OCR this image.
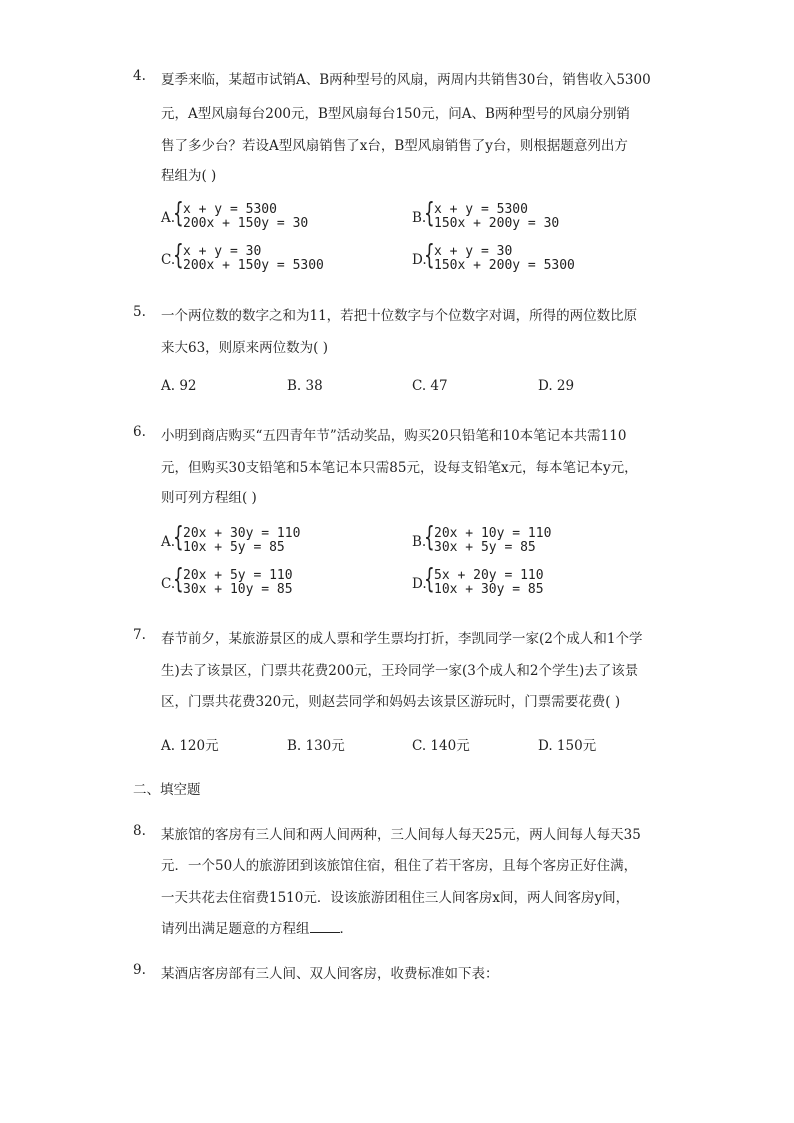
4. 夏季来临，某超市试销A、B两种型号的风扇，两周内共销售30台，销售收入5300
元，A型风扇每台200元，B型风扇每台150元，问A、B两种型号的风扇分别销
售了多少台？若设A型风扇销售了x台，B型风扇销售了y台，则根据题意列出方
程组为( )
A.
{ x + y = 5300
200x + 150y = 30	B.
{ x + y = 5300
150x + 200y = 30
C.
{ x + y = 30
200x + 150y = 5300	D.
{ x + y = 30
150x + 200y = 5300
5. 一个两位数的数字之和为11，若把十位数字与个位数字对调，所得的两位数比原
来大63，则原来两位数为( )
A. 92	B. 38	C. 47	D. 29
6. 小明到商店购买“五四青年节”活动奖品，购买20只铅笔和10本笔记本共需110
元，但购买30支铅笔和5本笔记本只需85元，设每支铅笔x元，每本笔记本y元，
则可列方程组( )
A.
{ 20x + 30y = 110
10x + 5y = 85	B.
{ 20x + 10y = 110
30x + 5y = 85
C.
{ 20x + 5y = 110
30x + 10y = 85	D.
{ 5x + 20y = 110
10x + 30y = 85
7. 春节前夕，某旅游景区的成人票和学生票均打折，李凯同学一家(2个成人和1个学
生)去了该景区，门票共花费200元，王玲同学一家(3个成人和2个学生)去了该景
区，门票共花费320元，则赵芸同学和妈妈去该景区游玩时，门票需要花费( )
A. 120元	B. 130元	C. 140元	D. 150元
二、填空题
8. 某旅馆的客房有三人间和两人间两种，三人间每人每天25元，两人间每人每天35
元．一个50人的旅游团到该旅馆住宿，租住了若干客房，且每个客房正好住满，
一天共花去住宿费1510元．设该旅游团租住三人间客房x间，两人间客房y间，
请列出满足题意的方程组 ．
9. 某酒店客房部有三人间、双人间客房，收费标准如下表：
